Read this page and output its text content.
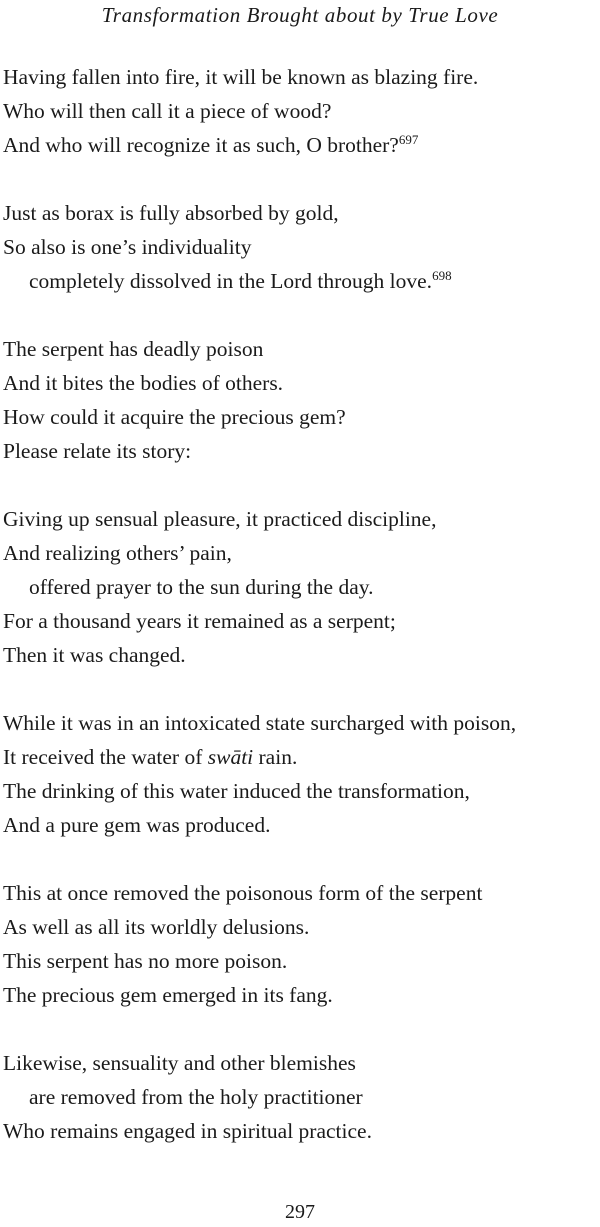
Transformation Brought about by True Love
Having fallen into fire, it will be known as blazing fire.
Who will then call it a piece of wood?
And who will recognize it as such, O brother?$^{697}$
Just as borax is fully absorbed by gold,
So also is one’s individuality
completely dissolved in the Lord through love.$^{698}$
The serpent has deadly poison
And it bites the bodies of others.
How could it acquire the precious gem?
Please relate its story:
Giving up sensual pleasure, it practiced discipline,
And realizing others’ pain,
offered prayer to the sun during the day.
For a thousand years it remained as a serpent;
Then it was changed.
While it was in an intoxicated state surcharged with poison,
It received the water of swāti rain.
The drinking of this water induced the transformation,
And a pure gem was produced.
This at once removed the poisonous form of the serpent
As well as all its worldly delusions.
This serpent has no more poison.
The precious gem emerged in its fang.
Likewise, sensuality and other blemishes
are removed from the holy practitioner
Who remains engaged in spiritual practice.
297
